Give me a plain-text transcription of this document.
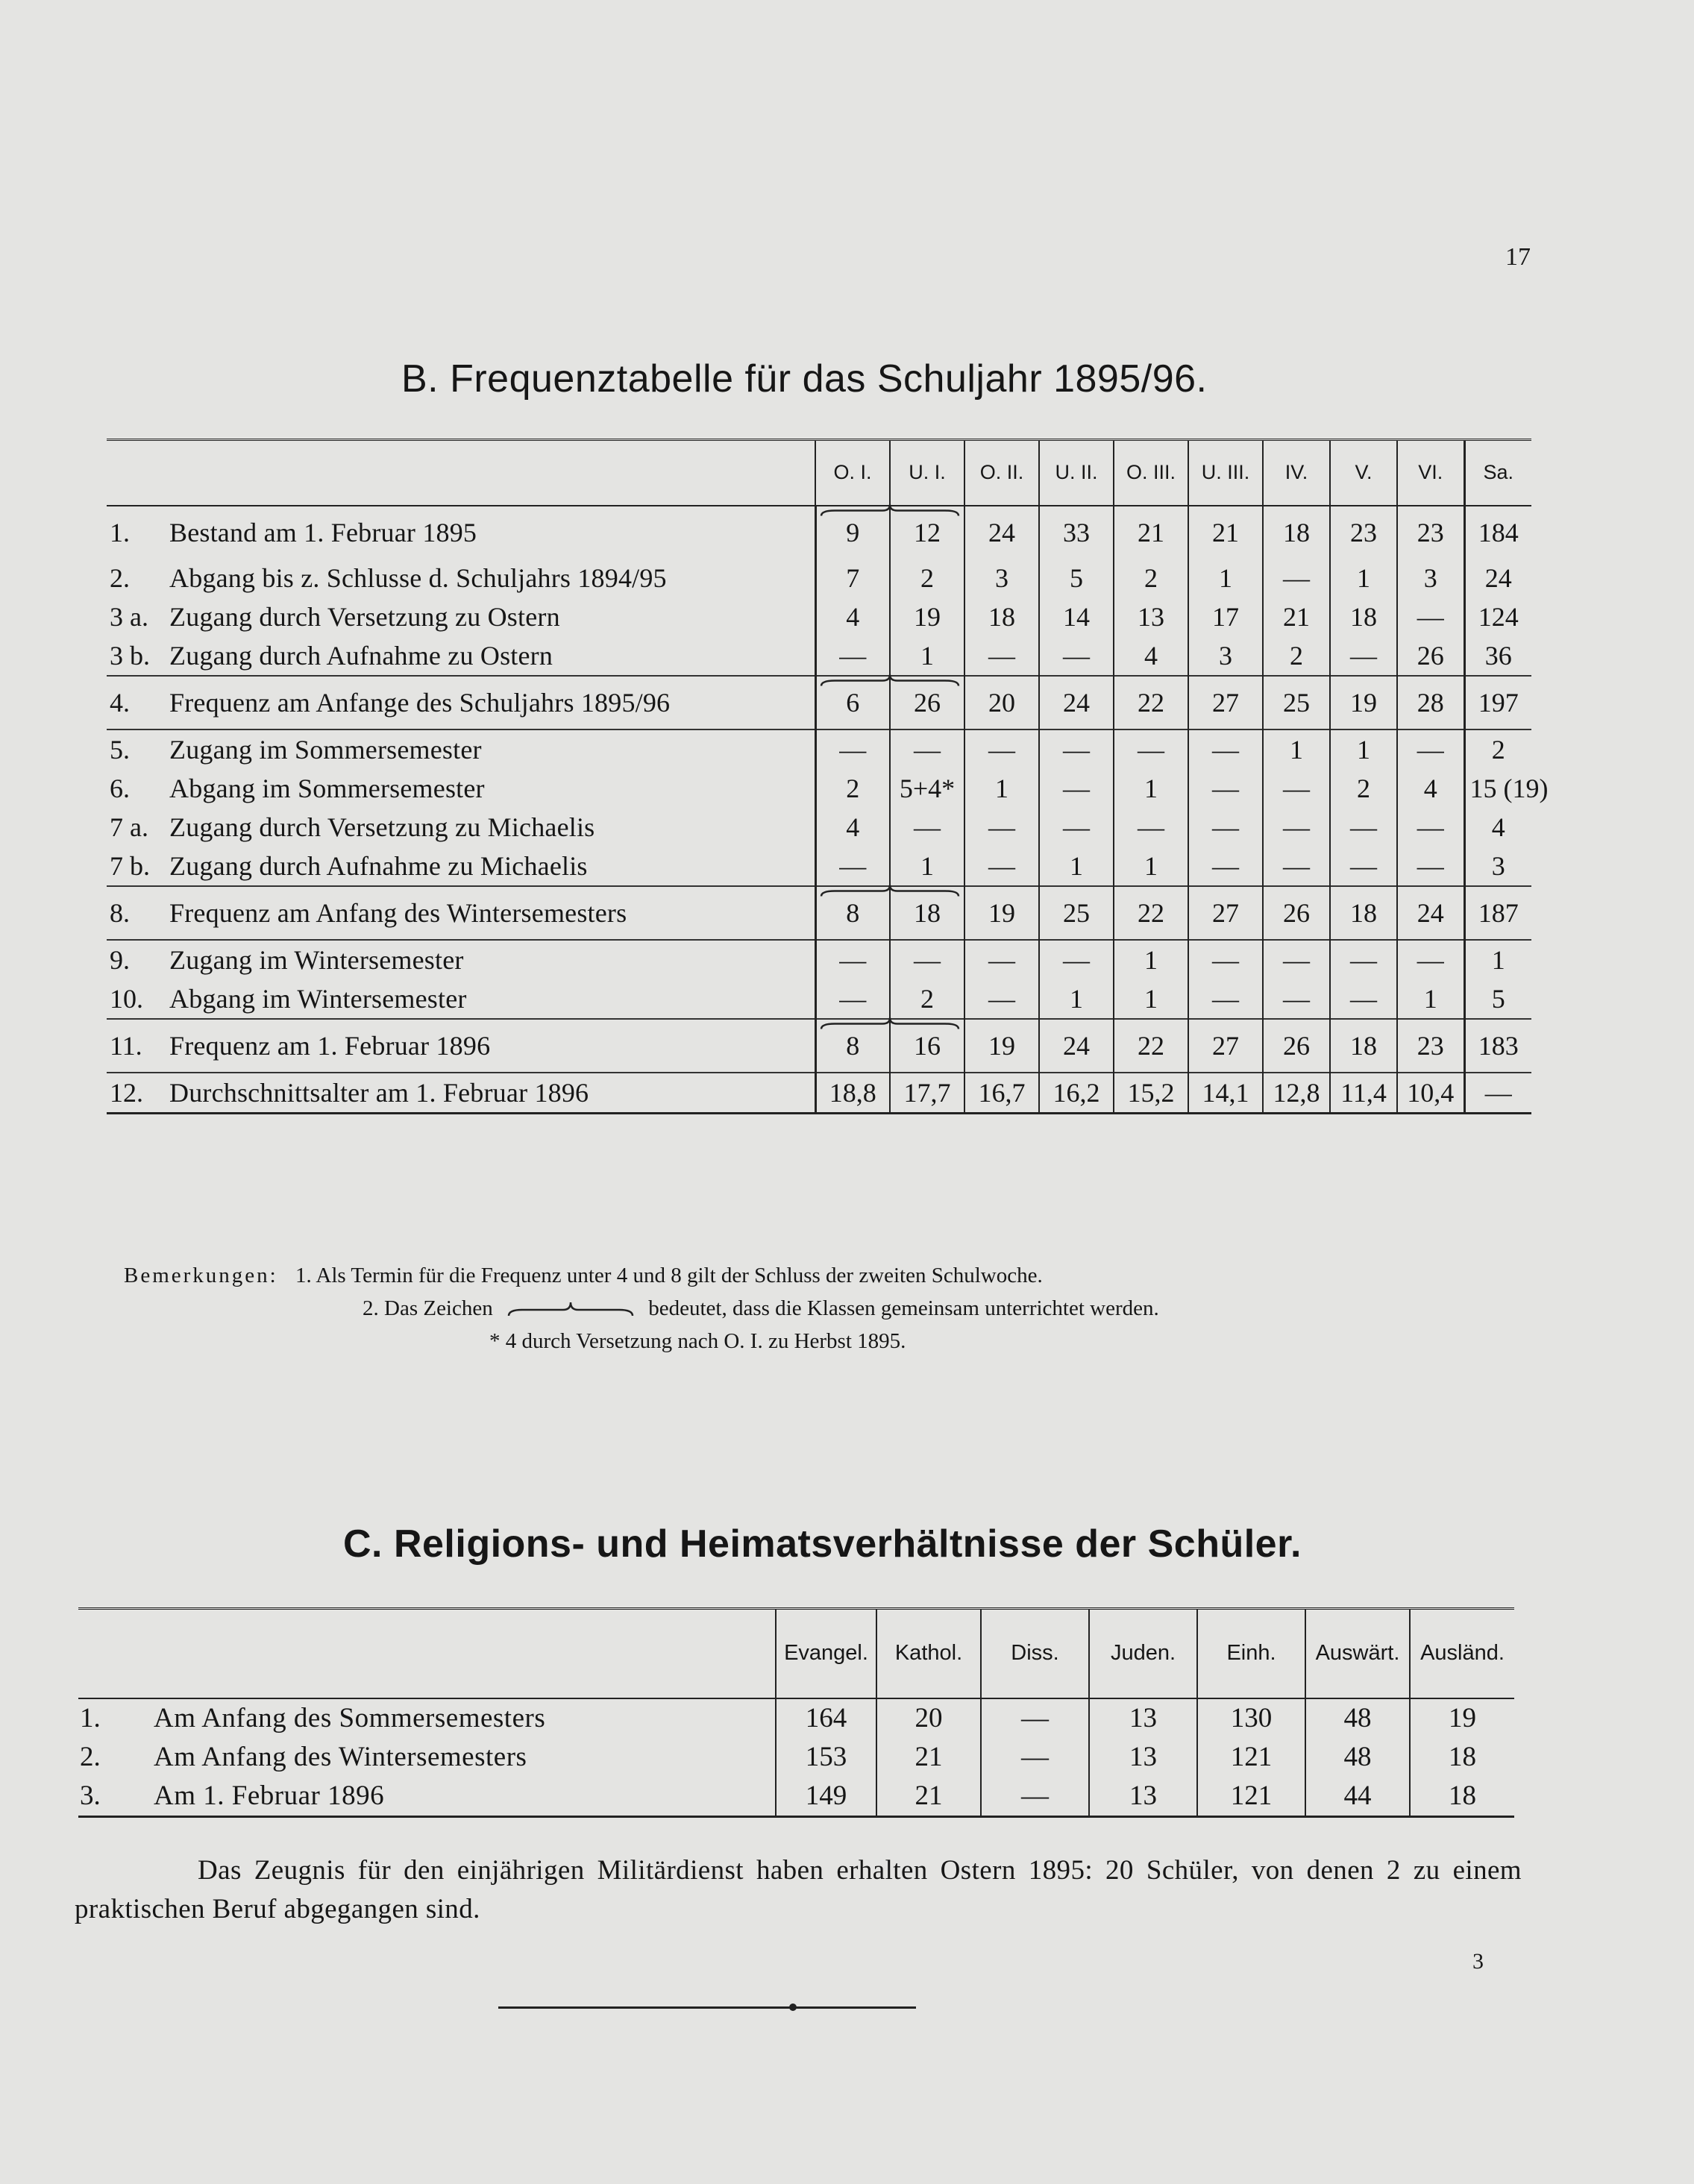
17
B. Frequenztabelle für das Schuljahr 1895/96.
		O. I.	U. I.	O. II.	U. II.	O. III.	U. III.	IV.	V.	VI.	Sa.
1.	Bestand am 1. Februar 1895	9	12	24	33	21	21	18	23	23	184
2.	Abgang bis z. Schlusse d. Schuljahrs 1894/95	7	2	3	5	2	1	—	1	3	24
3 a.	Zugang durch Versetzung zu Ostern	4	19	18	14	13	17	21	18	—	124
3 b.	Zugang durch Aufnahme zu Ostern	—	1	—	—	4	3	2	—	26	36
4.	Frequenz am Anfange des Schuljahrs 1895/96	6	26	20	24	22	27	25	19	28	197
5.	Zugang im Sommersemester	—	—	—	—	—	—	1	1	—	2
6.	Abgang im Sommersemester	2	5+4*	1	—	1	—	—	2	4	15 (19)
7 a.	Zugang durch Versetzung zu Michaelis	4	—	—	—	—	—	—	—	—	4
7 b.	Zugang durch Aufnahme zu Michaelis	—	1	—	1	1	—	—	—	—	3
8.	Frequenz am Anfang des Wintersemesters	8	18	19	25	22	27	26	18	24	187
9.	Zugang im Wintersemester	—	—	—	—	1	—	—	—	—	1
10.	Abgang im Wintersemester	—	2	—	1	1	—	—	—	1	5
11.	Frequenz am 1. Februar 1896	8	16	19	24	22	27	26	18	23	183
12.	Durchschnittsalter am 1. Februar 1896	18,8	17,7	16,7	16,2	15,2	14,1	12,8	11,4	10,4	—
Bemerkungen: 1. Als Termin für die Frequenz unter 4 und 8 gilt der Schluss der zweiten Schulwoche.
2. Das Zeichen	bedeutet, dass die Klassen gemeinsam unterrichtet werden.
* 4 durch Versetzung nach O. I. zu Herbst 1895.
C. Religions- und Heimatsverhältnisse der Schüler.
		Evangel.	Kathol.	Diss.	Juden.	Einh.	Auswärt.	Ausländ.
1.	Am Anfang des Sommersemesters	164	20	—	13	130	48	19
2.	Am Anfang des Wintersemesters	153	21	—	13	121	48	18
3.	Am 1. Februar 1896	149	21	—	13	121	44	18
Das Zeugnis für den einjährigen Militärdienst haben erhalten Ostern 1895: 20 Schüler, von denen 2 zu einem praktischen Beruf abgegangen sind.
3
